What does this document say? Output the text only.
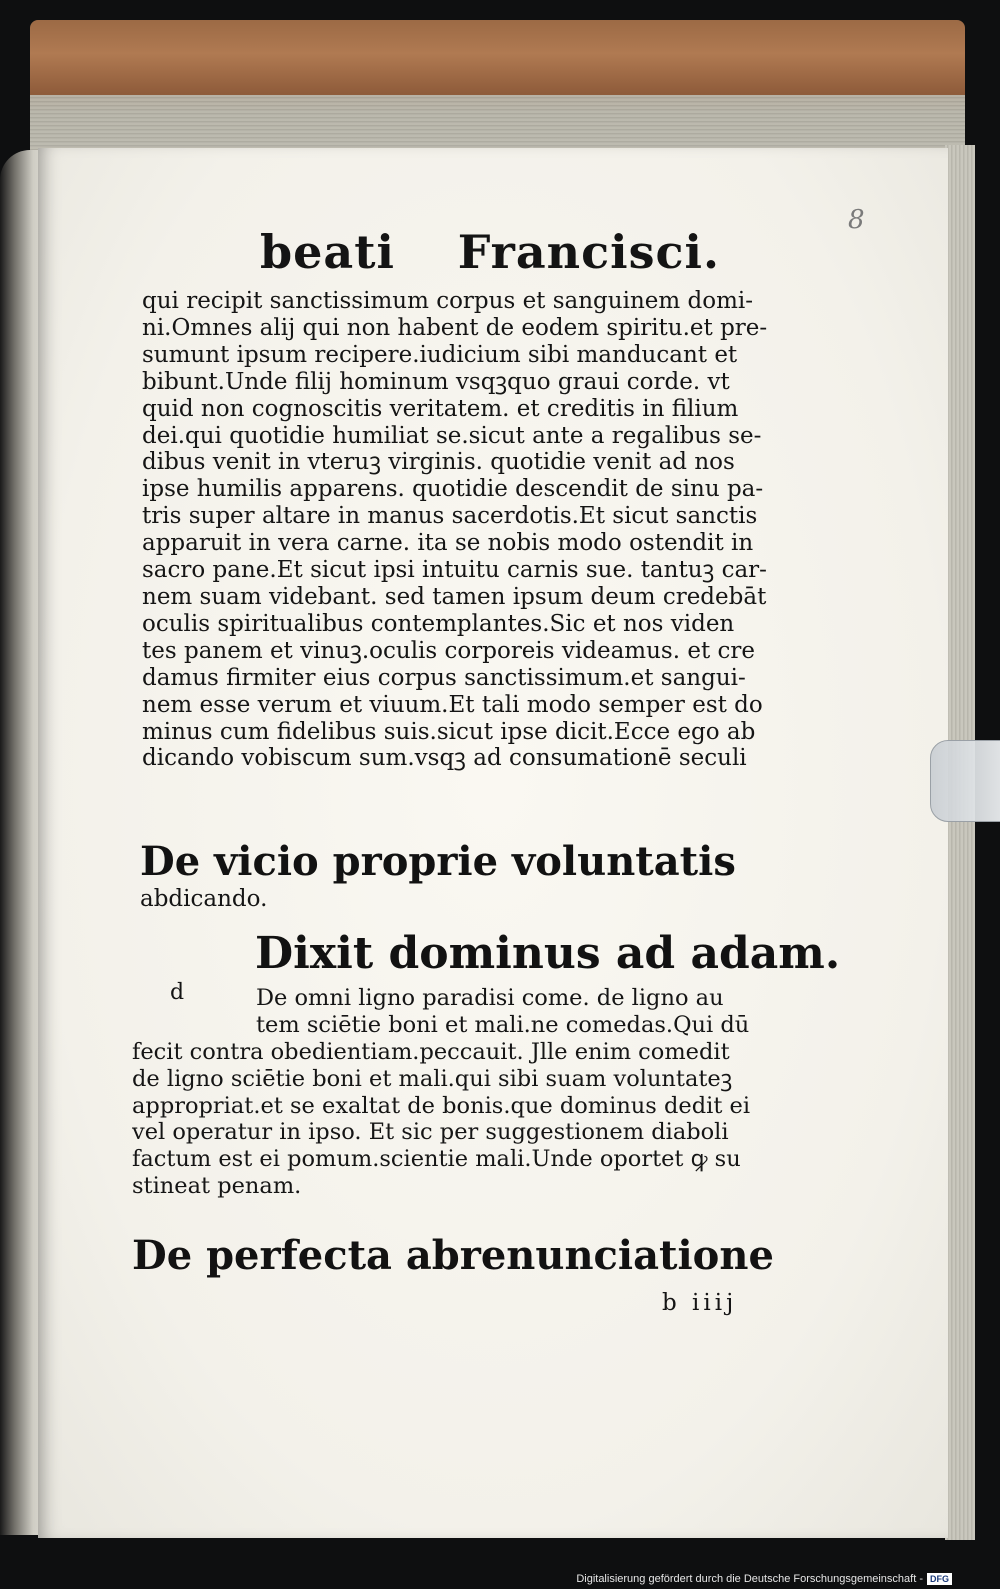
8
beati Francisci.
qui recipit sanctissimum corpus et sanguinem domi-
ni.Omnes alij qui non habent de eodem spiritu.et pre-
sumunt ipsum recipere.iudicium sibi manducant et
bibunt.Unde filij hominum vsqꝫquo graui corde. vt
quid non cognoscitis veritatem. et creditis in filium
dei.qui quotidie humiliat se.sicut ante a regalibus se-
dibus venit in vteruꝫ virginis. quotidie venit ad nos
ipse humilis apparens. quotidie descendit de sinu pa-
tris super altare in manus sacerdotis.Et sicut sanctis
apparuit in vera carne. ita se nobis modo ostendit in
sacro pane.Et sicut ipsi intuitu carnis sue. tantuꝫ car-
nem suam videbant. sed tamen ipsum deum credebāt
oculis spiritualibus contemplantes.Sic et nos viden
tes panem et vinuꝫ.oculis corporeis videamus. et cre
damus firmiter eius corpus sanctissimum.et sangui-
nem esse verum et viuum.Et tali modo semper est do
minus cum fidelibus suis.sicut ipse dicit.Ecce ego ab
dicando vobiscum sum.vsqꝫ ad consumationē seculi
De vicio proprie voluntatis
abdicando.
Dixit dominus ad adam.
d	De omni ligno paradisi come. de ligno au
tem sciētie boni et mali.ne comedas.Qui dū
fecit contra obedientiam.peccauit. Jlle enim comedit
de ligno sciētie boni et mali.qui sibi suam voluntateꝫ
appropriat.et se exaltat de bonis.que dominus dedit ei
vel operatur in ipso. Et sic per suggestionem diaboli
factum est ei pomum.scientie mali.Unde oportet ꝙ su
stineat penam.
De perfecta abrenunciatione
b iiij
Digitalisierung gefördert durch die Deutsche Forschungsgemeinschaft - DFG
